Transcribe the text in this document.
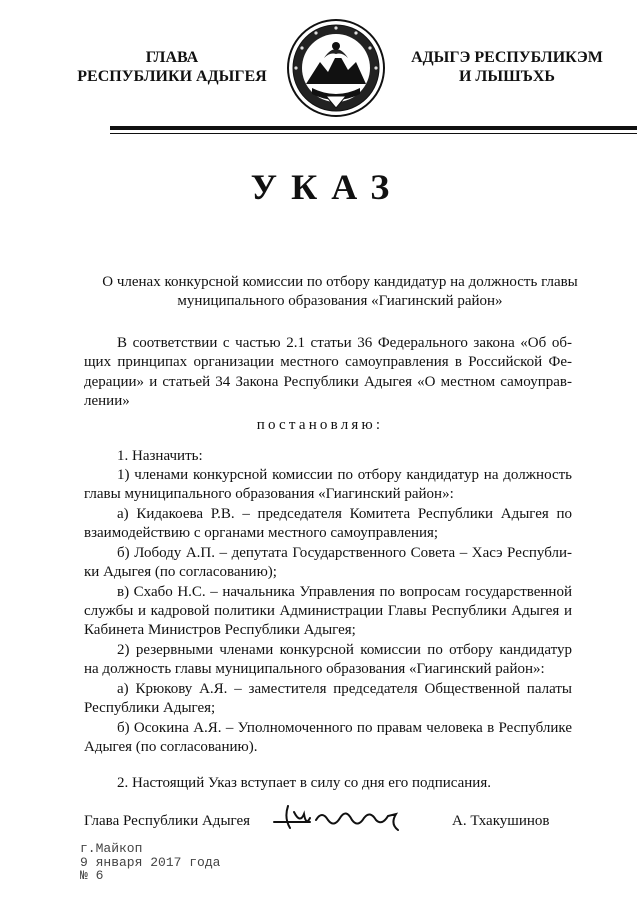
ГЛАВА
РЕСПУБЛИКИ АДЫГЕЯ
АДЫГЭ РЕСПУБЛИКЭМ
И ЛЫШЪХЬ
УКАЗ
О членах конкурсной комиссии по отбору кандидатур на должность главы
муниципального образования «Гиагинский район»
В соответствии с частью 2.1 статьи 36 Федерального закона «Об об-
щих принципах организации местного самоуправления в Российской Фе-
дерации» и статьей 34 Закона Республики Адыгея «О местном самоуправ-
лении»
постановляю:
1. Назначить:
1) членами конкурсной комиссии по отбору кандидатур на должность
главы муниципального образования «Гиагинский район»:
а) Кидакоева Р.В. – председателя Комитета Республики Адыгея по
взаимодействию с органами местного самоуправления;
б) Лободу А.П. – депутата Государственного Совета – Хасэ Республи-
ки Адыгея (по согласованию);
в) Схабо Н.С. – начальника Управления по вопросам государственной
службы и кадровой политики Администрации Главы Республики Адыгея и
Кабинета Министров Республики Адыгея;
2) резервными членами конкурсной комиссии по отбору кандидатур
на должность главы муниципального образования «Гиагинский район»:
а) Крюкову А.Я. – заместителя председателя Общественной палаты
Республики Адыгея;
б) Осокина А.Я. – Уполномоченного по правам человека в Республике
Адыгея (по согласованию).
2. Настоящий Указ вступает в силу со дня его подписания.
Глава Республики Адыгея	А. Тхакушинов
г.Майкоп
9 января 2017 года
№ 6
